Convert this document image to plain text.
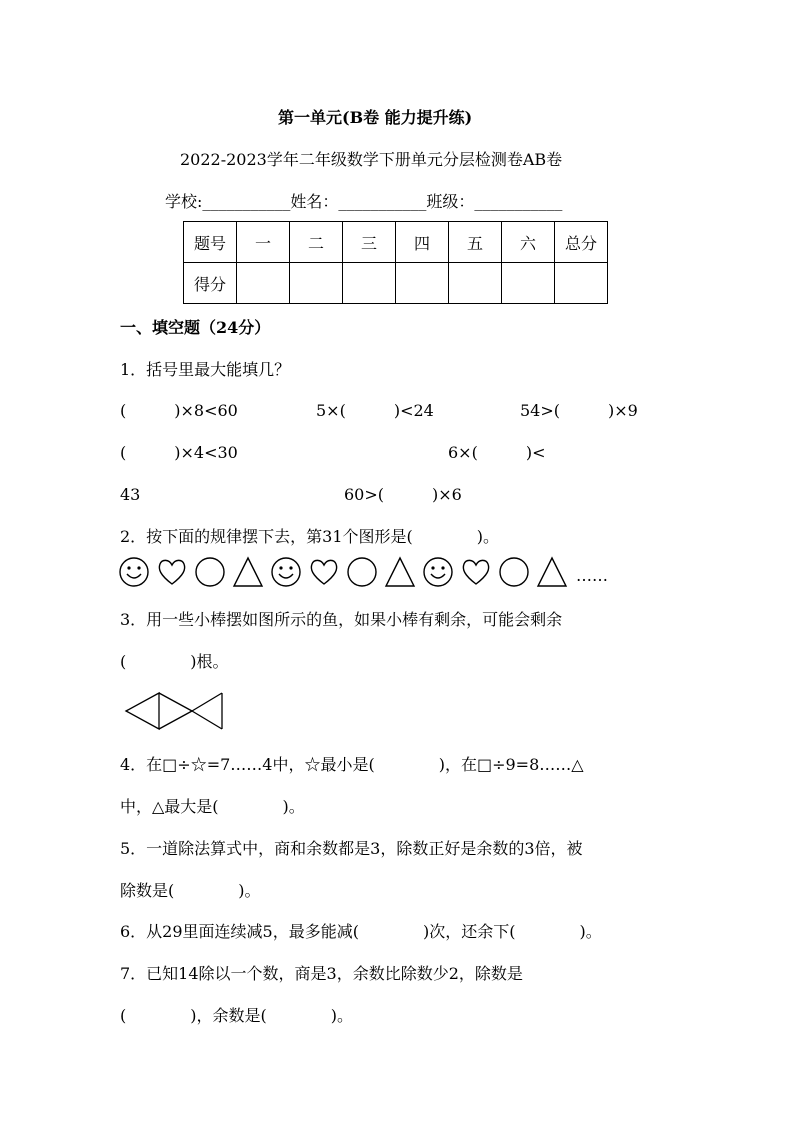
第一单元(B卷 能力提升练)
2022-2023学年二年级数学下册单元分层检测卷AB卷
学校:___________姓名：___________班级：___________
题号	一	二	三	四	五	六	总分
得分							
一、填空题（24分）
1．括号里最大能填几？
(　　　)×8<60	5×(　　　)<24	54>(　　　)×9
(　　　)×4<30	6×(　　　)<
43	60>(　　　)×6
2．按下面的规律摆下去，第31个图形是(　　　　)。
……
3．用一些小棒摆如图所示的鱼，如果小棒有剩余，可能会剩余
(　　　　)根。
4．在□÷☆=7……4中，☆最小是(　　　　)，在□÷9=8……△
中，△最大是(　　　　)。
5．一道除法算式中，商和余数都是3，除数正好是余数的3倍，被
除数是(　　　　)。
6．从29里面连续减5，最多能减(　　　　)次，还余下(　　　　)。
7．已知14除以一个数，商是3，余数比除数少2，除数是
(　　　　)，余数是(　　　　)。
